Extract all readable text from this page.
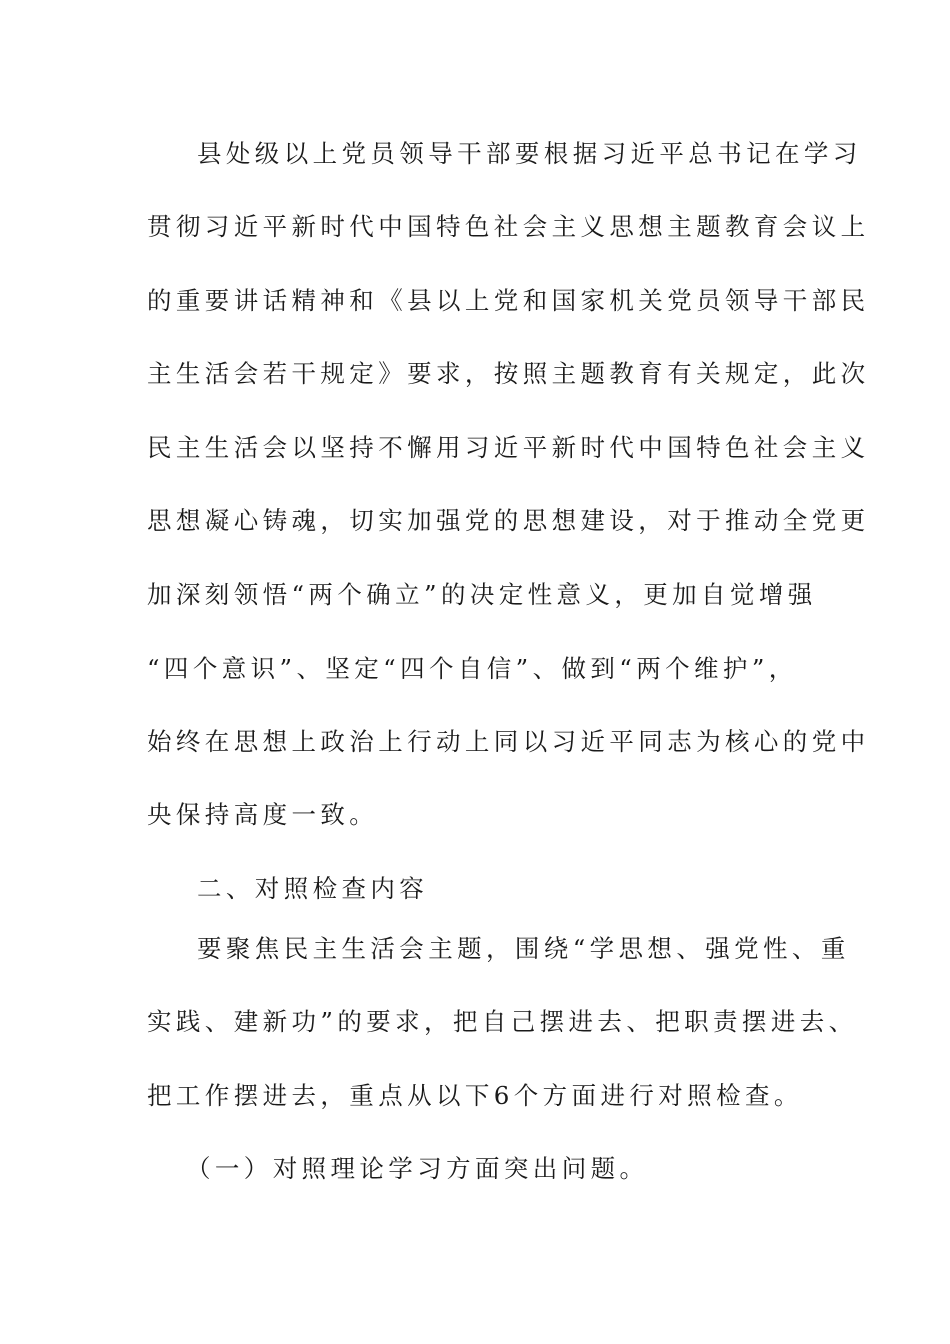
县处级以上党员领导干部要根据习近平总书记在学习
贯彻习近平新时代中国特色社会主义思想主题教育会议上
的重要讲话精神和《县以上党和国家机关党员领导干部民
主生活会若干规定》要求，按照主题教育有关规定，此次
民主生活会以坚持不懈用习近平新时代中国特色社会主义
思想凝心铸魂，切实加强党的思想建设，对于推动全党更
加深刻领悟“两个确立”的决定性意义，更加自觉增强
“四个意识”、坚定“四个自信”、做到“两个维护”，
始终在思想上政治上行动上同以习近平同志为核心的党中
央保持高度一致。
二、对照检查内容
要聚焦民主生活会主题，围绕“学思想、强党性、重
实践、建新功”的要求，把自己摆进去、把职责摆进去、
把工作摆进去，重点从以下6个方面进行对照检查。
（一）对照理论学习方面突出问题。
